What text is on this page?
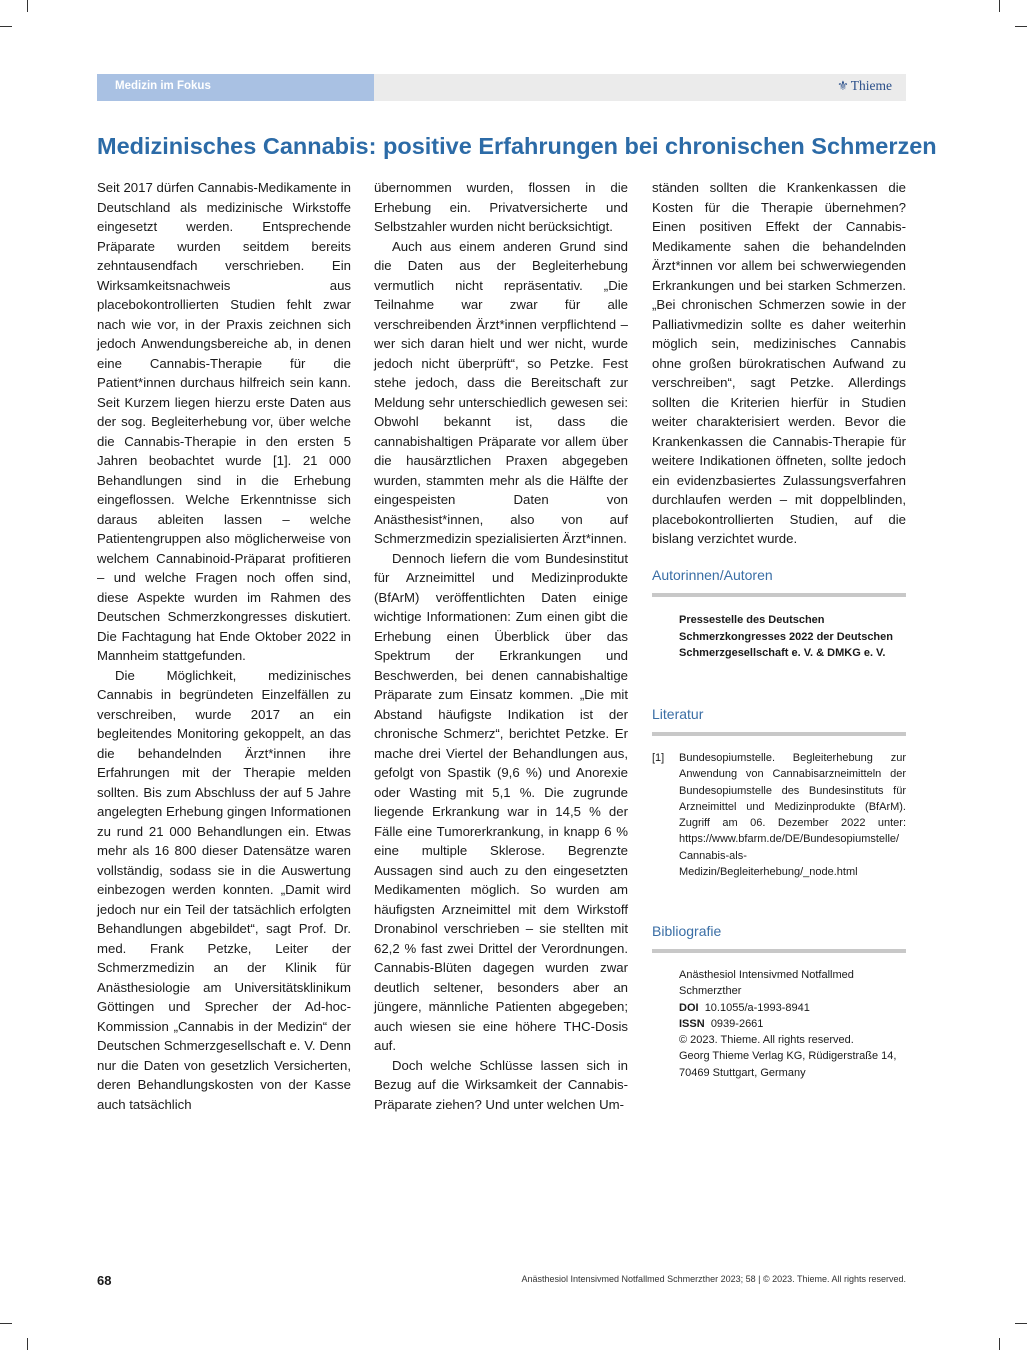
Medizin im Fokus	⚜ Thieme
Medizinisches Cannabis: positive Erfahrungen bei chronischen Schmerzen

Seit 2017 dürfen Cannabis-Medikamente in Deutschland als medizinische Wirkstoffe eingesetzt werden. Entsprechende Präparate wurden seitdem bereits zehntausendfach verschrieben. Ein Wirksamkeitsnachweis aus placebokontrollierten Studien fehlt zwar nach wie vor, in der Praxis zeichnen sich jedoch Anwendungsbereiche ab, in denen eine Cannabis-Therapie für die Patient*innen durchaus hilfreich sein kann. Seit Kurzem liegen hierzu erste Daten aus der sog. Begleiterhebung vor, über welche die Cannabis-Therapie in den ersten 5 Jahren beobachtet wurde [1]. 21 000 Behandlungen sind in die Erhebung eingeflossen. Welche Erkenntnisse sich daraus ableiten lassen – welche Patientengruppen also möglicherweise von welchem Cannabinoid-Präparat profitieren – und welche Fragen noch offen sind, diese Aspekte wurden im Rahmen des Deutschen Schmerzkongresses diskutiert. Die Fachtagung hat Ende Oktober 2022 in Mannheim stattgefunden.

Die Möglichkeit, medizinisches Cannabis in begründeten Einzelfällen zu verschreiben, wurde 2017 an ein begleitendes Monitoring gekoppelt, an das die behandelnden Ärzt*innen ihre Erfahrungen mit der Therapie melden sollten. Bis zum Abschluss der auf 5 Jahre angelegten Erhebung gingen Informationen zu rund 21 000 Behandlungen ein. Etwas mehr als 16 800 dieser Datensätze waren vollständig, sodass sie in die Auswertung einbezogen werden konnten. „Damit wird jedoch nur ein Teil der tatsächlich erfolgten Behandlungen abgebildet“, sagt Prof. Dr. med. Frank Petzke, Leiter der Schmerzmedizin an der Klinik für Anästhesiologie am Universitätsklinikum Göttingen und Sprecher der Ad-hoc-Kommission „Cannabis in der Medizin“ der Deutschen Schmerzgesellschaft e. V. Denn nur die Daten von gesetzlich Versicherten, deren Behandlungskosten von der Kasse auch tatsächlich

übernommen wurden, flossen in die Erhebung ein. Privatversicherte und Selbstzahler wurden nicht berücksichtigt.

Auch aus einem anderen Grund sind die Daten aus der Begleiterhebung vermutlich nicht repräsentativ. „Die Teilnahme war zwar für alle verschreibenden Ärzt*innen verpflichtend – wer sich daran hielt und wer nicht, wurde jedoch nicht überprüft“, so Petzke. Fest stehe jedoch, dass die Bereitschaft zur Meldung sehr unterschiedlich gewesen sei: Obwohl bekannt ist, dass die cannabishaltigen Präparate vor allem über die hausärztlichen Praxen abgegeben wurden, stammten mehr als die Hälfte der eingespeisten Daten von Anästhesist*innen, also von auf Schmerzmedizin spezialisierten Ärzt*innen.

Dennoch liefern die vom Bundesinstitut für Arzneimittel und Medizinprodukte (BfArM) veröffentlichten Daten einige wichtige Informationen: Zum einen gibt die Erhebung einen Überblick über das Spektrum der Erkrankungen und Beschwerden, bei denen cannabishaltige Präparate zum Einsatz kommen. „Die mit Abstand häufigste Indikation ist der chronische Schmerz“, berichtet Petzke. Er mache drei Viertel der Behandlungen aus, gefolgt von Spastik (9,6 %) und Anorexie oder Wasting mit 5,1 %. Die zugrunde liegende Erkrankung war in 14,5 % der Fälle eine Tumorerkrankung, in knapp 6 % eine multiple Sklerose. Begrenzte Aussagen sind auch zu den eingesetzten Medikamenten möglich. So wurden am häufigsten Arzneimittel mit dem Wirkstoff Dronabinol verschrieben – sie stellten mit 62,2 % fast zwei Drittel der Verordnungen. Cannabis-Blüten dagegen wurden zwar deutlich seltener, besonders aber an jüngere, männliche Patienten abgegeben; auch wiesen sie eine höhere THC-Dosis auf.

Doch welche Schlüsse lassen sich in Bezug auf die Wirksamkeit der Cannabis-Präparate ziehen? Und unter welchen Um-

ständen sollten die Krankenkassen die Kosten für die Therapie übernehmen? Einen positiven Effekt der Cannabis-Medikamente sahen die behandelnden Ärzt*innen vor allem bei schwerwiegenden Erkrankungen und bei starken Schmerzen. „Bei chronischen Schmerzen sowie in der Palliativmedizin sollte es daher weiterhin möglich sein, medizinisches Cannabis ohne großen bürokratischen Aufwand zu verschreiben“, sagt Petzke. Allerdings sollten die Kriterien hierfür in Studien weiter charakterisiert werden. Bevor die Krankenkassen die Cannabis-Therapie für weitere Indikationen öffneten, sollte jedoch ein evidenzbasiertes Zulassungsverfahren durchlaufen werden – mit doppelblinden, placebokontrollierten Studien, auf die bislang verzichtet wurde.

Autorinnen/Autoren

Pressestelle des Deutschen Schmerzkongresses 2022 der Deutschen Schmerzgesellschaft e. V. & DMKG e. V.

Literatur

[1] Bundesopiumstelle. Begleiterhebung zur Anwendung von Cannabisarzneimitteln der Bundesopiumstelle des Bundesinstituts für Arzneimittel und Medizinprodukte (BfArM). Zugriff am 06. Dezember 2022 unter: https://www.bfarm.de/DE/Bundesopiumstelle/Cannabis-als-Medizin/Begleiterhebung/_node.html

Bibliografie

Anästhesiol Intensivmed Notfallmed Schmerzther
DOI 10.1055/a-1993-8941
ISSN 0939-2661
© 2023. Thieme. All rights reserved.
Georg Thieme Verlag KG, Rüdigerstraße 14, 70469 Stuttgart, Germany
68	Anästhesiol Intensivmed Notfallmed Schmerzther 2023; 58 | © 2023. Thieme. All rights reserved.
